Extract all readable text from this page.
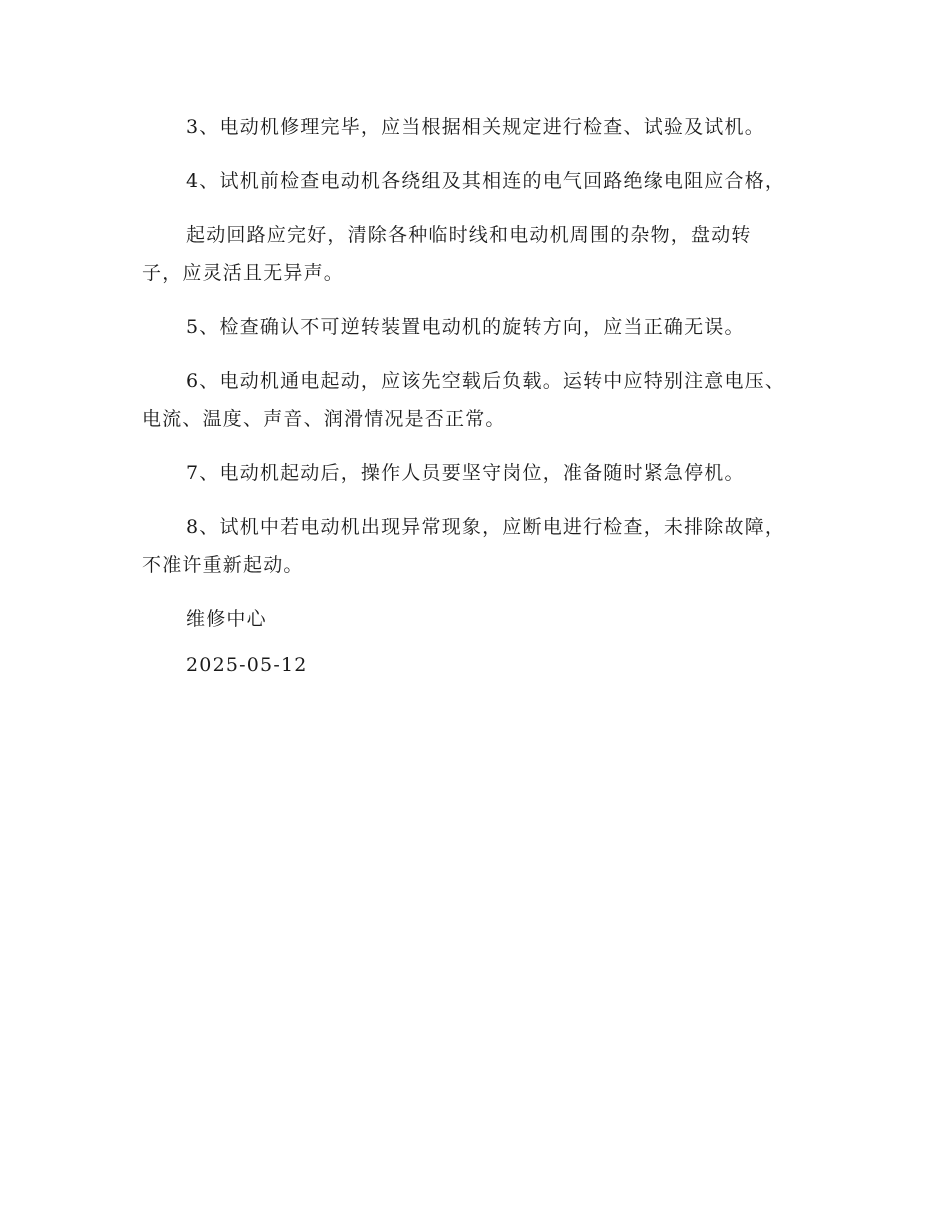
3、电动机修理完毕，应当根据相关规定进行检查、试验及试机。

4、试机前检查电动机各绕组及其相连的电气回路绝缘电阻应合格，

起动回路应完好，清除各种临时线和电动机周围的杂物，盘动转子，应灵活且无异声。

5、检查确认不可逆转装置电动机的旋转方向，应当正确无误。

6、电动机通电起动，应该先空载后负载。运转中应特别注意电压、电流、温度、声音、润滑情况是否正常。

7、电动机起动后，操作人员要坚守岗位，准备随时紧急停机。

8、试机中若电动机出现异常现象，应断电进行检查，未排除故障，不准许重新起动。

维修中心

2025-05-12
